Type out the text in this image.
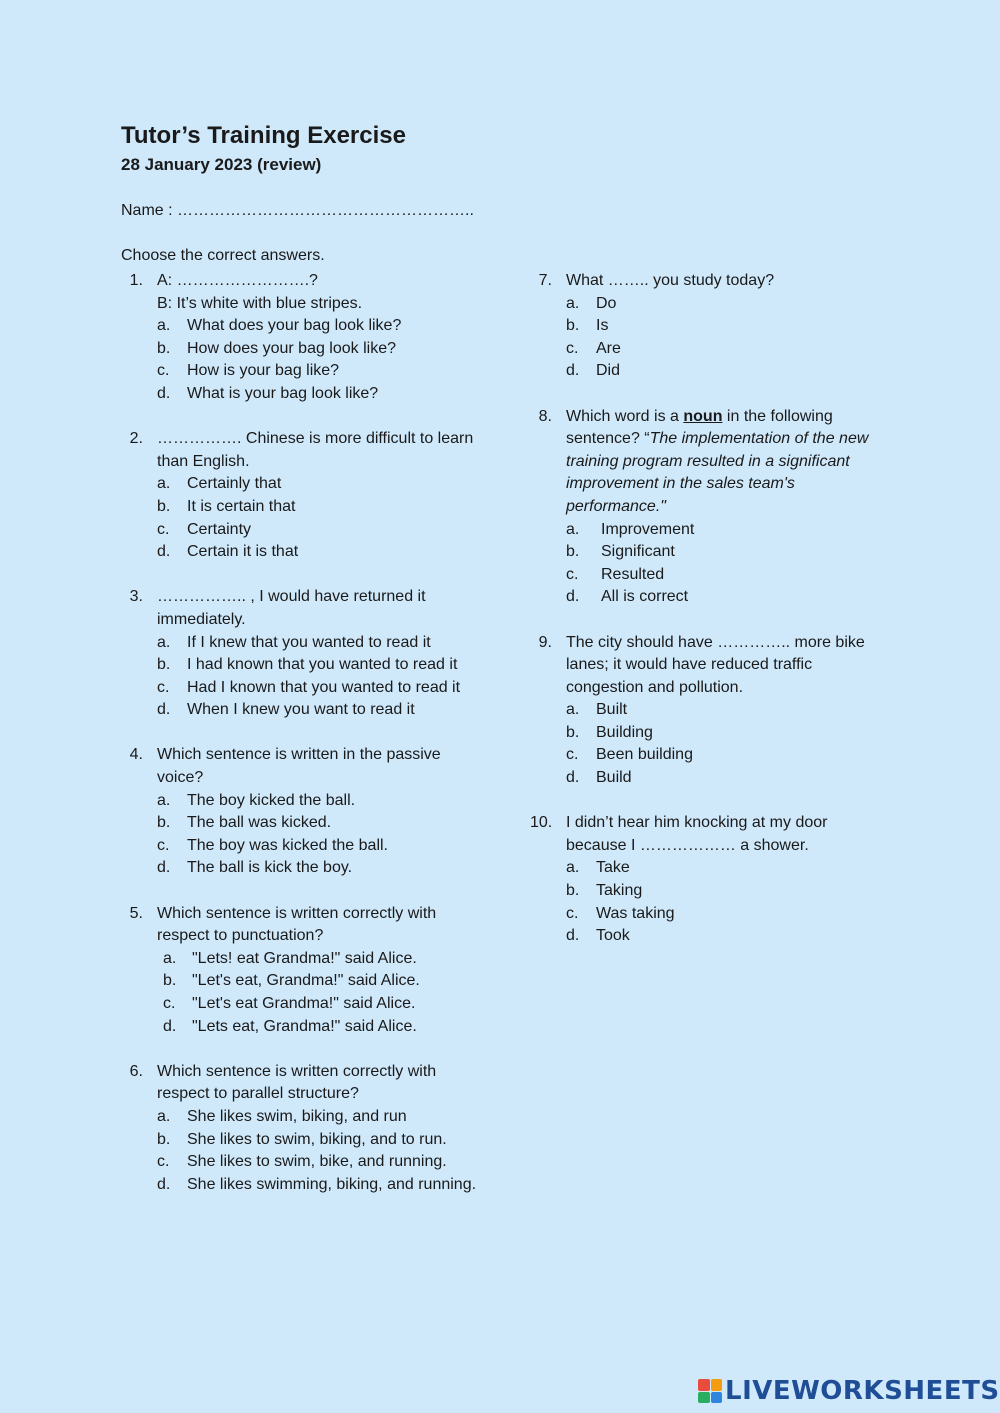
Tutor’s Training Exercise
28 January 2023 (review)
Name : ………………………………………………..
Choose the correct answers.
1. A: …………………….?
B: It’s white with blue stripes.
a. What does your bag look like?
b. How does your bag look like?
c. How is your bag like?
d. What is your bag look like?
2. ……………. Chinese is more difficult to learn than English.
a. Certainly that
b. It is certain that
c. Certainty
d. Certain it is that
3. …………….. , I would have returned it immediately.
a. If I knew that you wanted to read it
b. I had known that you wanted to read it
c. Had I known that you wanted to read it
d. When I knew you want to read it
4. Which sentence is written in the passive voice?
a. The boy kicked the ball.
b. The ball was kicked.
c. The boy was kicked the ball.
d. The ball is kick the boy.
5. Which sentence is written correctly with respect to punctuation?
a. "Lets! eat Grandma!" said Alice.
b. "Let's eat, Grandma!" said Alice.
c. "Let's eat Grandma!" said Alice.
d. "Lets eat, Grandma!" said Alice.
6. Which sentence is written correctly with respect to parallel structure?
a. She likes swim, biking, and run
b. She likes to swim, biking, and to run.
c. She likes to swim, bike, and running.
d. She likes swimming, biking, and running.
7. What …….. you study today?
a. Do
b. Is
c. Are
d. Did
8. Which word is a noun in the following sentence? “The implementation of the new training program resulted in a significant improvement in the sales team's performance."
a. Improvement
b. Significant
c. Resulted
d. All is correct
9. The city should have ………….. more bike lanes; it would have reduced traffic congestion and pollution.
a. Built
b. Building
c. Been building
d. Build
10. I didn’t hear him knocking at my door because I ……………… a shower.
a. Take
b. Taking
c. Was taking
d. Took
LIVEWORKSHEETS
